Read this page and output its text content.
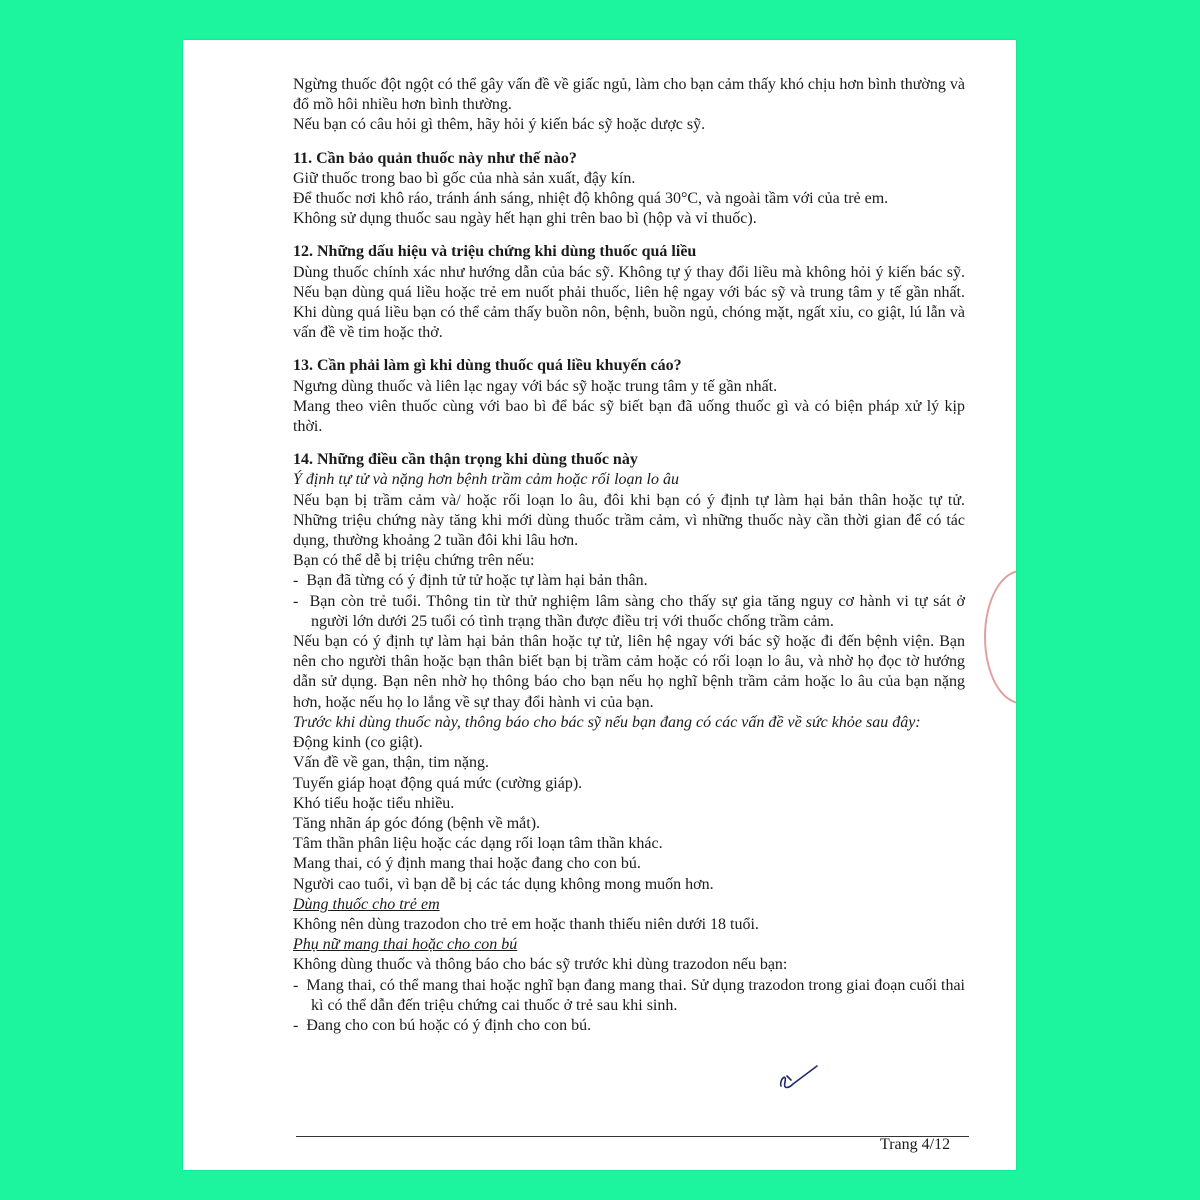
Ngừng thuốc đột ngột có thể gây vấn đề về giấc ngủ, làm cho bạn cảm thấy khó chịu hơn bình thường và đổ mồ hôi nhiều hơn bình thường.

Nếu bạn có câu hỏi gì thêm, hãy hỏi ý kiến bác sỹ hoặc dược sỹ.

11. Cần bảo quản thuốc này như thế nào?

Giữ thuốc trong bao bì gốc của nhà sản xuất, đậy kín.

Để thuốc nơi khô ráo, tránh ánh sáng, nhiệt độ không quá 30°C, và ngoài tầm với của trẻ em.

Không sử dụng thuốc sau ngày hết hạn ghi trên bao bì (hộp và vỉ thuốc).

12. Những dấu hiệu và triệu chứng khi dùng thuốc quá liều

Dùng thuốc chính xác như hướng dẫn của bác sỹ. Không tự ý thay đổi liều mà không hỏi ý kiến bác sỹ. Nếu bạn dùng quá liều hoặc trẻ em nuốt phải thuốc, liên hệ ngay với bác sỹ và trung tâm y tế gần nhất. Khi dùng quá liều bạn có thể cảm thấy buồn nôn, bệnh, buồn ngủ, chóng mặt, ngất xỉu, co giật, lú lẫn và vấn đề về tim hoặc thở.

13. Cần phải làm gì khi dùng thuốc quá liều khuyến cáo?

Ngưng dùng thuốc và liên lạc ngay với bác sỹ hoặc trung tâm y tế gần nhất.

Mang theo viên thuốc cùng với bao bì để bác sỹ biết bạn đã uống thuốc gì và có biện pháp xử lý kịp thời.

14. Những điều cần thận trọng khi dùng thuốc này

Ý định tự tử và nặng hơn bệnh trầm cảm hoặc rối loạn lo âu

Nếu bạn bị trầm cảm và/ hoặc rối loạn lo âu, đôi khi bạn có ý định tự làm hại bản thân hoặc tự tử. Những triệu chứng này tăng khi mới dùng thuốc trầm cảm, vì những thuốc này cần thời gian để có tác dụng, thường khoảng 2 tuần đôi khi lâu hơn.

Bạn có thể dễ bị triệu chứng trên nếu:

-  Bạn đã từng có ý định tử tử hoặc tự làm hại bản thân.

-  Bạn còn trẻ tuổi. Thông tin từ thử nghiệm lâm sàng cho thấy sự gia tăng nguy cơ hành vi tự sát ở người lớn dưới 25 tuổi có tình trạng thần được điều trị với thuốc chống trầm cảm.

Nếu bạn có ý định tự làm hại bản thân hoặc tự tử, liên hệ ngay với bác sỹ hoặc đi đến bệnh viện. Bạn nên cho người thân hoặc bạn thân biết bạn bị trầm cảm hoặc có rối loạn lo âu, và nhờ họ đọc tờ hướng dẫn sử dụng. Bạn nên nhờ họ thông báo cho bạn nếu họ nghĩ bệnh trầm cảm hoặc lo âu của bạn nặng hơn, hoặc nếu họ lo lắng về sự thay đổi hành vi của bạn.

Trước khi dùng thuốc này, thông báo cho bác sỹ nếu bạn đang có các vấn đề về sức khỏe sau đây:

Động kinh (co giật).

Vấn đề về gan, thận, tim nặng.

Tuyến giáp hoạt động quá mức (cường giáp).

Khó tiểu hoặc tiểu nhiều.

Tăng nhãn áp góc đóng (bệnh về mắt).

Tâm thần phân liệu hoặc các dạng rối loạn tâm thần khác.

Mang thai, có ý định mang thai hoặc đang cho con bú.

Người cao tuổi, vì bạn dễ bị các tác dụng không mong muốn hơn.

Dùng thuốc cho trẻ em

Không nên dùng trazodon cho trẻ em hoặc thanh thiếu niên dưới 18 tuổi.

Phụ nữ mang thai hoặc cho con bú

Không dùng thuốc và thông báo cho bác sỹ trước khi dùng trazodon nếu bạn:

-  Mang thai, có thể mang thai hoặc nghĩ bạn đang mang thai. Sử dụng trazodon trong giai đoạn cuối thai kì có thể dẫn đến triệu chứng cai thuốc ở trẻ sau khi sinh.

-  Đang cho con bú hoặc có ý định cho con bú.

Trang 4/12
